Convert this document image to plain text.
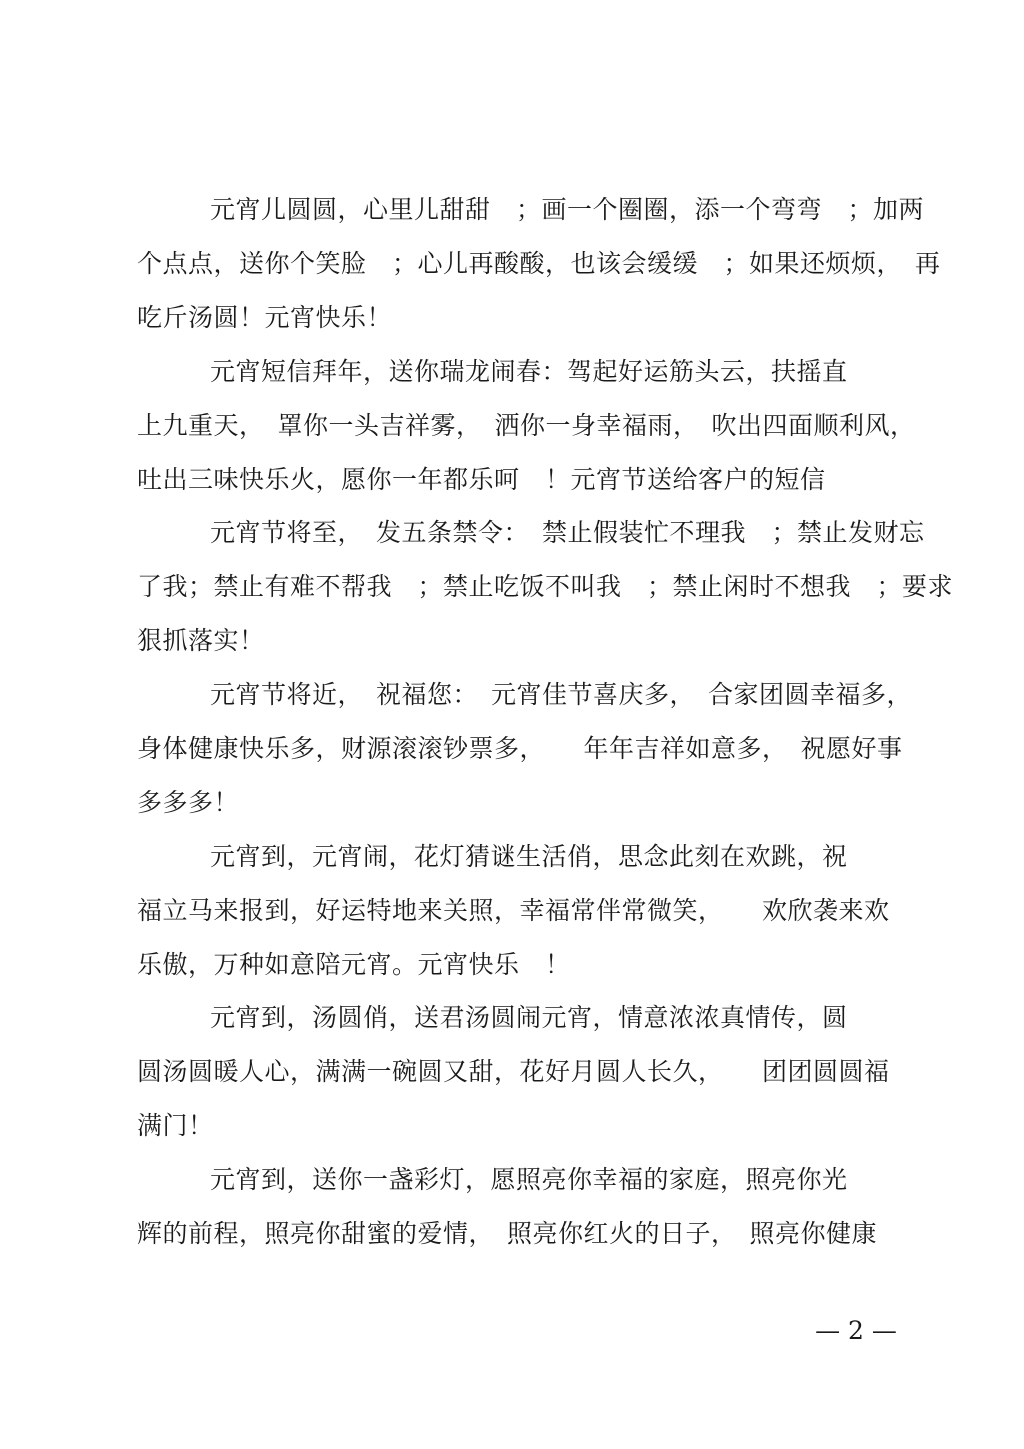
元宵儿圆圆，心里儿甜甜　；画一个圈圈，添一个弯弯　；加两
个点点，送你个笑脸　；心儿再酸酸，也该会缓缓　；如果还烦烦，　再
吃斤汤圆！元宵快乐！
元宵短信拜年，送你瑞龙闹春：驾起好运筋头云，扶摇直
上九重天，　罩你一头吉祥雾，　洒你一身幸福雨，　吹出四面顺利风，
吐出三味快乐火，愿你一年都乐呵　！元宵节送给客户的短信
元宵节将至，　发五条禁令：　禁止假装忙不理我　；禁止发财忘
了我；禁止有难不帮我　；禁止吃饭不叫我　；禁止闲时不想我　；要求
狠抓落实！
元宵节将近，　祝福您：　元宵佳节喜庆多，　合家团圆幸福多，
身体健康快乐多，财源滚滚钞票多，　　年年吉祥如意多，　祝愿好事
多多多！
元宵到，元宵闹，花灯猜谜生活俏，思念此刻在欢跳，祝
福立马来报到，好运特地来关照，幸福常伴常微笑，　　欢欣袭来欢
乐傲，万种如意陪元宵。元宵快乐　！
元宵到，汤圆俏，送君汤圆闹元宵，情意浓浓真情传，圆
圆汤圆暖人心，满满一碗圆又甜，花好月圆人长久，　　团团圆圆福
满门！
元宵到，送你一盏彩灯，愿照亮你幸福的家庭，照亮你光
辉的前程，照亮你甜蜜的爱情，　照亮你红火的日子，　照亮你健康
— 2 —
